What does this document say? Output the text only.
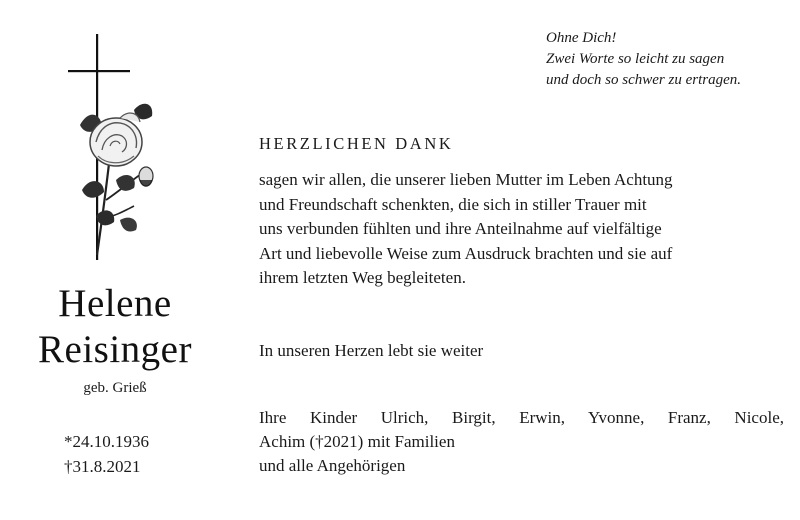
Helene
Reisinger
geb. Grieß
*24.10.1936
†31.8.2021
Ohne Dich!
Zwei Worte so leicht zu sagen
und doch so schwer zu ertragen.
HERZLICHEN DANK
sagen wir allen, die unserer lieben Mutter im Leben Achtung
und Freundschaft schenkten, die sich in stiller Trauer mit
uns verbunden fühlten und ihre Anteilnahme auf vielfältige
Art und liebevolle Weise zum Ausdruck brachten und sie auf
ihrem letzten Weg begleiteten.
In unseren Herzen lebt sie weiter
Ihre Kinder Ulrich, Birgit, Erwin, Yvonne, Franz, Nicole,
Achim (†2021) mit Familien
und alle Angehörigen
